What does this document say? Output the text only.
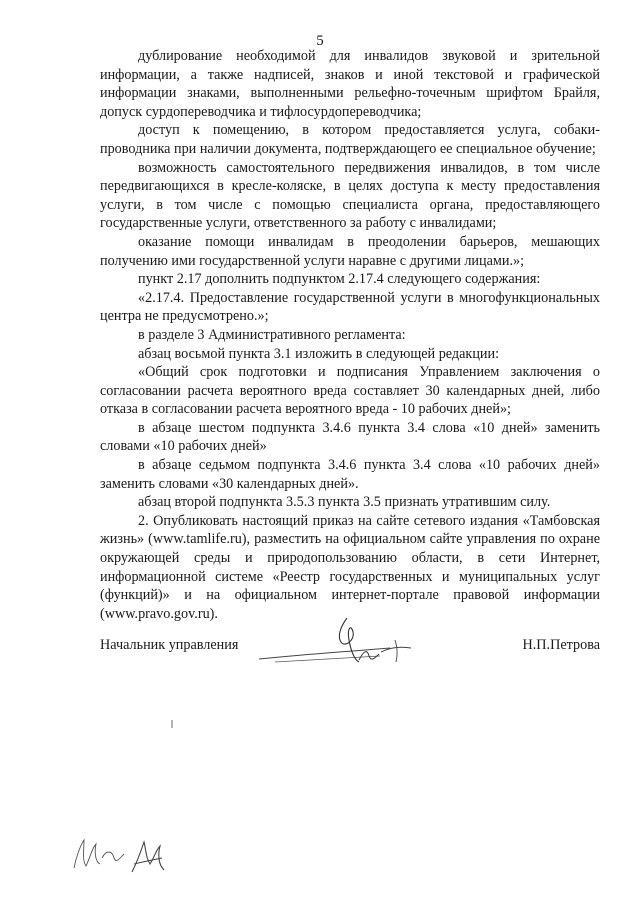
5

дублирование необходимой для инвалидов звуковой и зрительной информации, а также надписей, знаков и иной текстовой и графической информации знаками, выполненными рельефно-точечным шрифтом Брайля, допуск сурдопереводчика и тифлосурдопереводчика;

доступ к помещению, в котором предоставляется услуга, собаки-проводника при наличии документа, подтверждающего ее специальное обучение;

возможность самостоятельного передвижения инвалидов, в том числе передвигающихся в кресле-коляске, в целях доступа к месту предоставления услуги, в том числе с помощью специалиста органа, предоставляющего государственные услуги, ответственного за работу с инвалидами;

оказание помощи инвалидам в преодолении барьеров, мешающих получению ими государственной услуги наравне с другими лицами.»;

пункт 2.17 дополнить подпунктом 2.17.4 следующего содержания:

«2.17.4. Предоставление государственной услуги в многофункциональных центра не предусмотрено.»;

в разделе 3 Административного регламента:

абзац восьмой пункта 3.1 изложить в следующей редакции:

«Общий срок подготовки и подписания Управлением заключения о согласовании расчета вероятного вреда составляет 30 календарных дней, либо отказа в согласовании расчета вероятного вреда - 10 рабочих дней»;

в абзаце шестом подпункта 3.4.6 пункта 3.4 слова «10 дней» заменить словами «10 рабочих дней»

в абзаце седьмом подпункта 3.4.6 пункта 3.4 слова «10 рабочих дней» заменить словами «30 календарных дней».

абзац второй подпункта 3.5.3 пункта 3.5 признать утратившим силу.

2. Опубликовать настоящий приказ на сайте сетевого издания «Тамбовская жизнь» (www.tamlife.ru), разместить на официальном сайте управления по охране окружающей среды и природопользованию области, в сети Интернет, информационной системе «Реестр государственных и муниципальных услуг (функций)» и на официальном интернет-портале правовой информации (www.pravo.gov.ru).

Начальник управления	Н.П.Петрова
